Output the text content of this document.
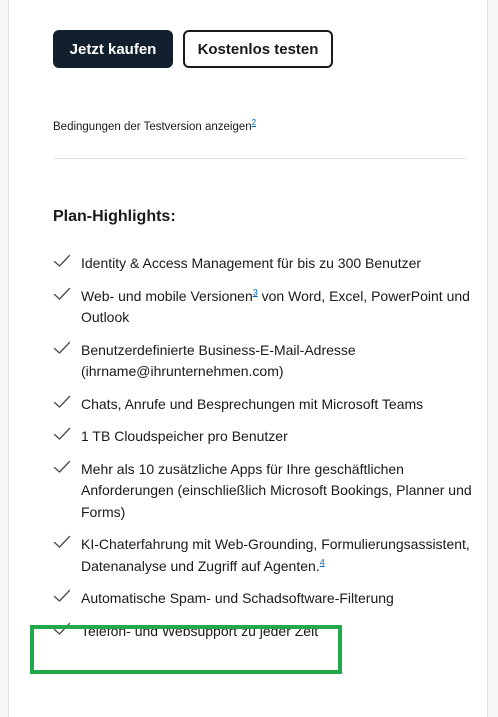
Jetzt kaufen	Kostenlos testen
Bedingungen der Testversion anzeigen$^2$
Plan-Highlights:
Identity & Access Management für bis zu 300 Benutzer
Web- und mobile Versionen$^3$ von Word, Excel, PowerPoint und Outlook
Benutzerdefinierte Business-E-Mail-Adresse (ihrname@ihrunternehmen.com)
Chats, Anrufe und Besprechungen mit Microsoft Teams
1 TB Cloudspeicher pro Benutzer
Mehr als 10 zusätzliche Apps für Ihre geschäftlichen Anforderungen (einschließlich Microsoft Bookings, Planner und Forms)
KI-Chaterfahrung mit Web-Grounding, Formulierungsassistent, Datenanalyse und Zugriff auf Agenten.$^4$
Automatische Spam- und Schadsoftware-Filterung
Telefon- und Websupport zu jeder Zeit
